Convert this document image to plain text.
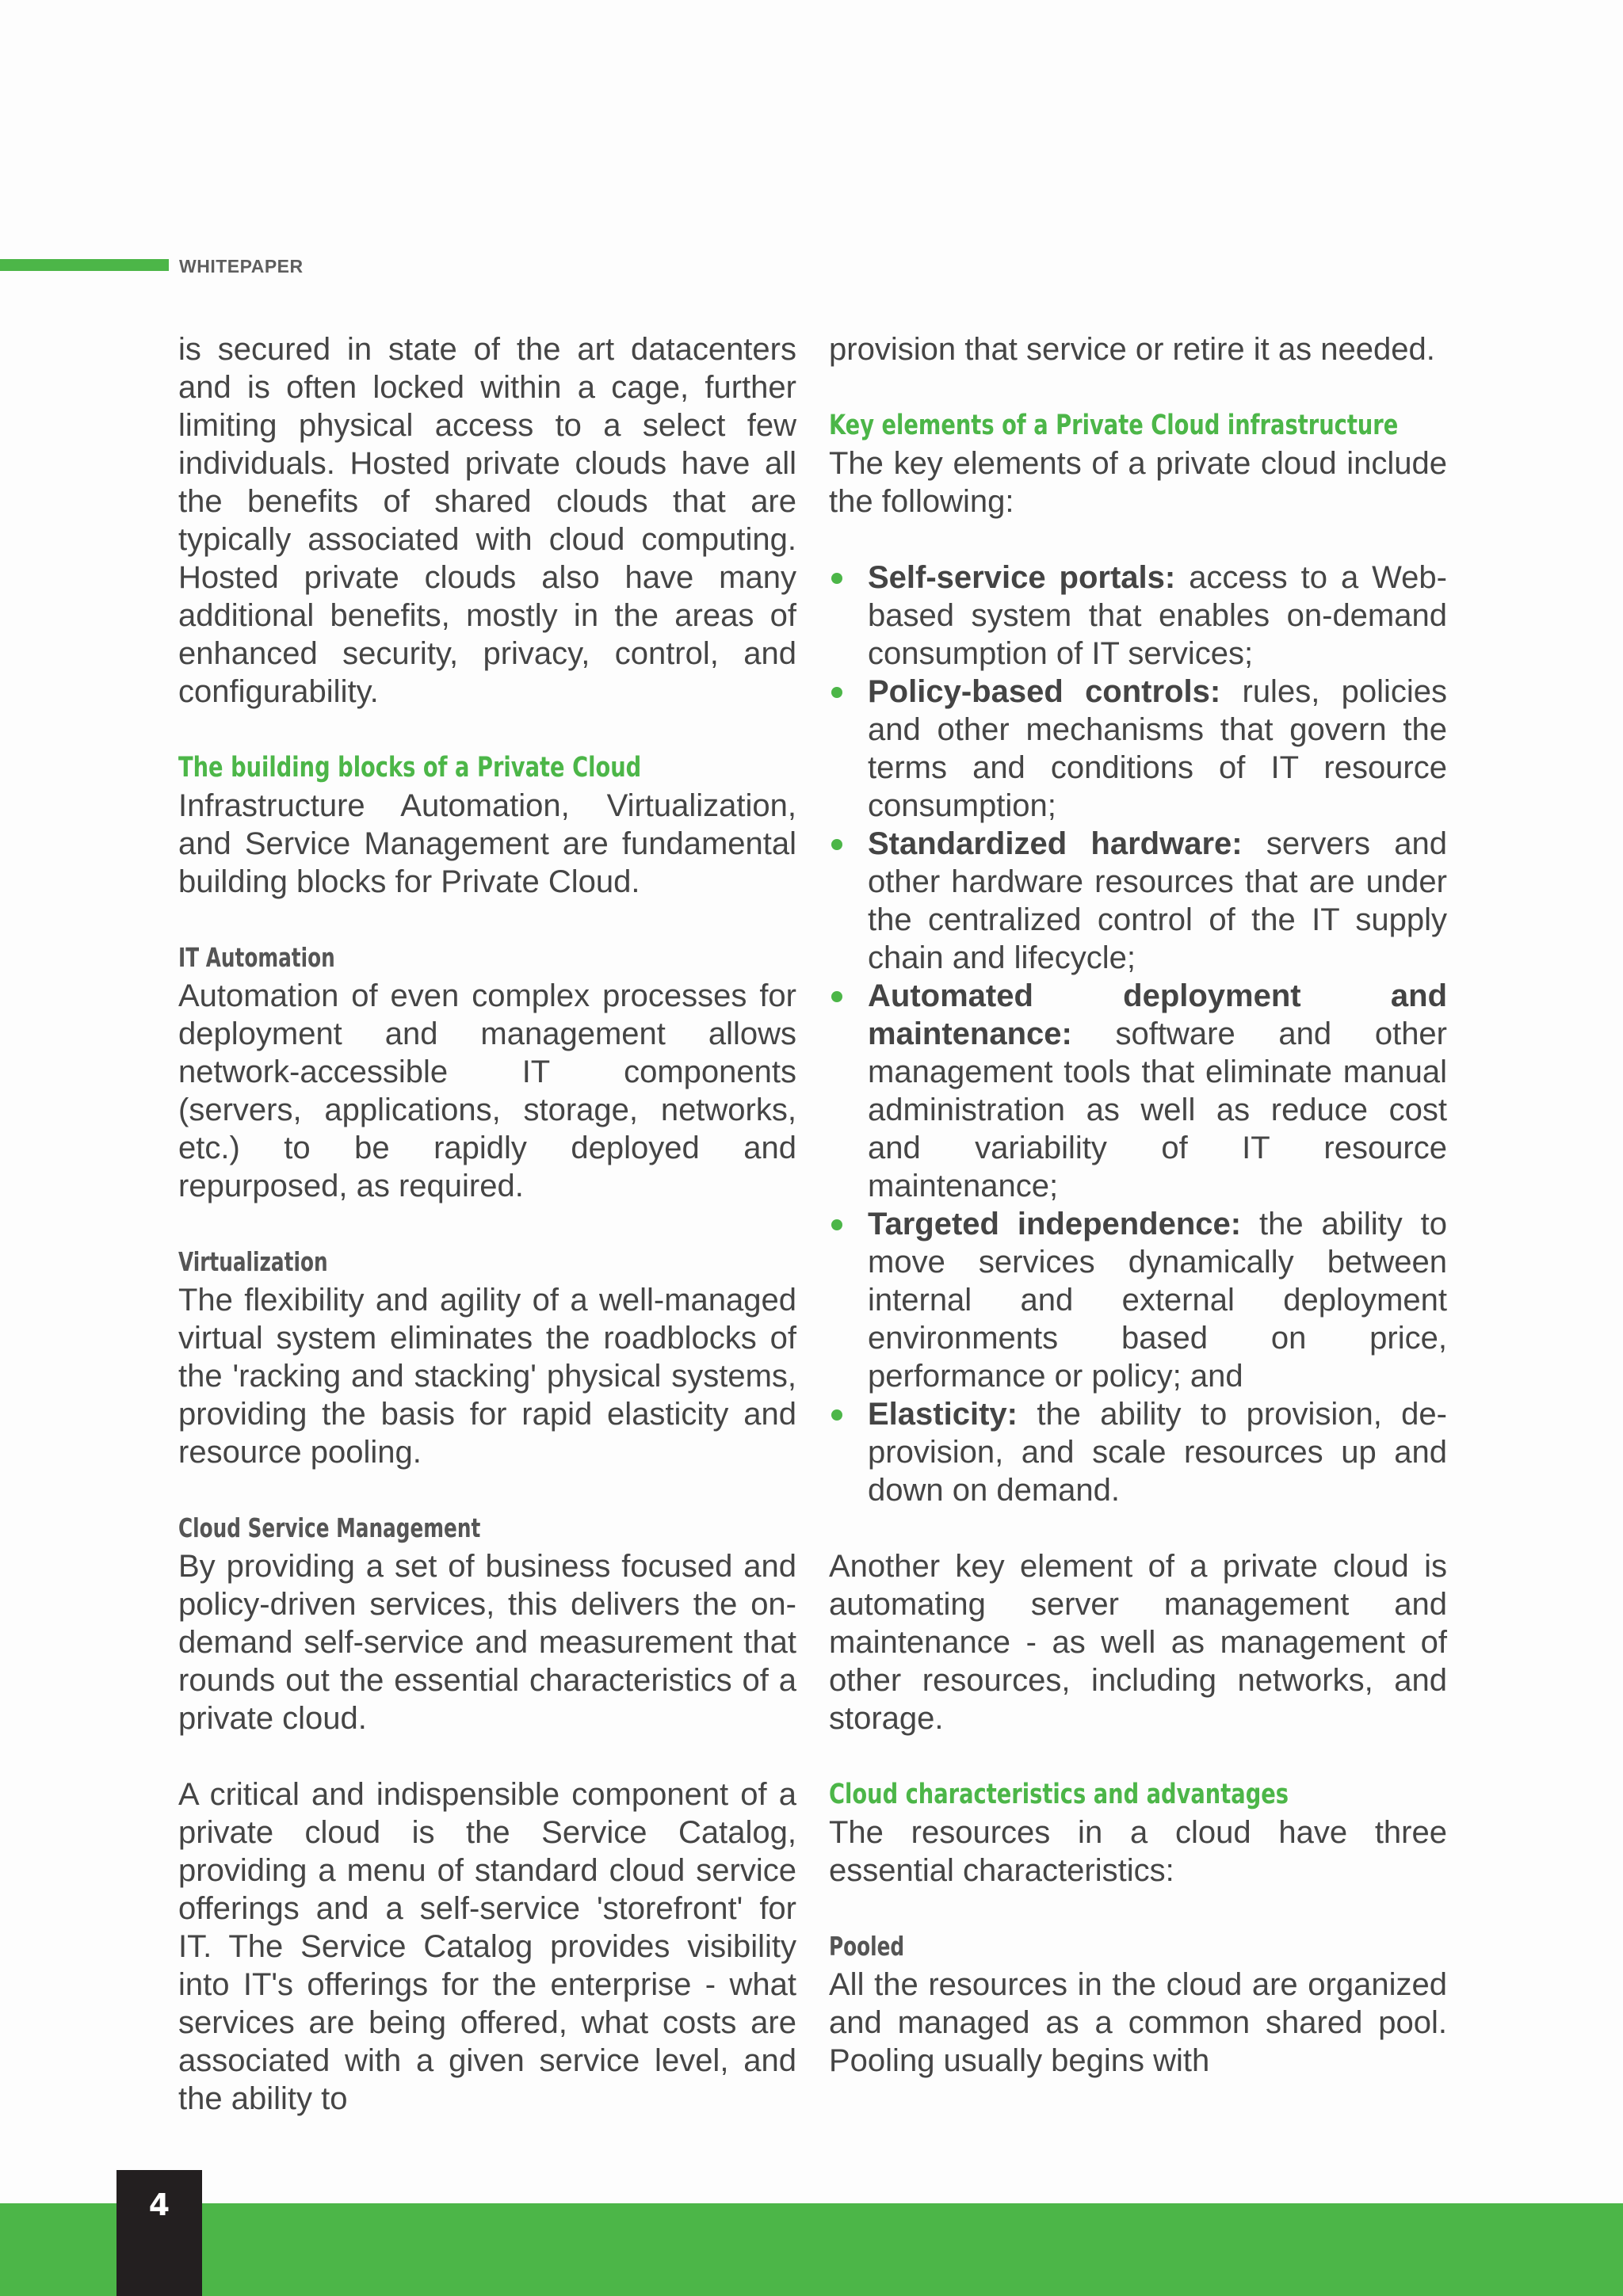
WHITEPAPER

is secured in state of the art datacenters and is often locked within a cage, further limiting physical access to a select few individuals. Hosted private clouds have all the benefits of shared clouds that are typically associated with cloud computing. Hosted private clouds also have many additional benefits, mostly in the areas of enhanced security, privacy, control, and configurability.

The building blocks of a Private Cloud

Infrastructure Automation, Virtualization, and Service Management are fundamental building blocks for Private Cloud.

IT Automation

Automation of even complex processes for deployment and management allows network-accessible IT components (servers, applications, storage, networks, etc.) to be rapidly deployed and repurposed, as required.

Virtualization

The flexibility and agility of a well-managed virtual system eliminates the roadblocks of the 'racking and stacking' physical systems, providing the basis for rapid elasticity and resource pooling.

Cloud Service Management

By providing a set of business focused and policy-driven services, this delivers the on-demand self-service and measurement that rounds out the essential characteristics of a private cloud.

A critical and indispensible component of a private cloud is the Service Catalog, providing a menu of standard cloud service offerings and a self-service 'storefront' for IT. The Service Catalog provides visibility into IT's offerings for the enterprise - what services are being offered, what costs are associated with a given service level, and the ability to

provision that service or retire it as needed.

Key elements of a Private Cloud infrastructure

The key elements of a private cloud include the following:

Self-service portals: access to a Web-based system that enables on-demand consumption of IT services;
Policy-based controls: rules, policies and other mechanisms that govern the terms and conditions of IT resource consumption;
Standardized hardware: servers and other hardware resources that are under the centralized control of the IT supply chain and lifecycle;
Automated deployment and maintenance: software and other management tools that eliminate manual administration as well as reduce cost and variability of IT resource maintenance;
Targeted independence: the ability to move services dynamically between internal and external deployment environments based on price, performance or policy; and
Elasticity: the ability to provision, de-provision, and scale resources up and down on demand.

Another key element of a private cloud is automating server management and maintenance - as well as management of other resources, including networks, and storage.

Cloud characteristics and advantages

The resources in a cloud have three essential characteristics:

Pooled

All the resources in the cloud are organized and managed as a common shared pool. Pooling usually begins with

4
